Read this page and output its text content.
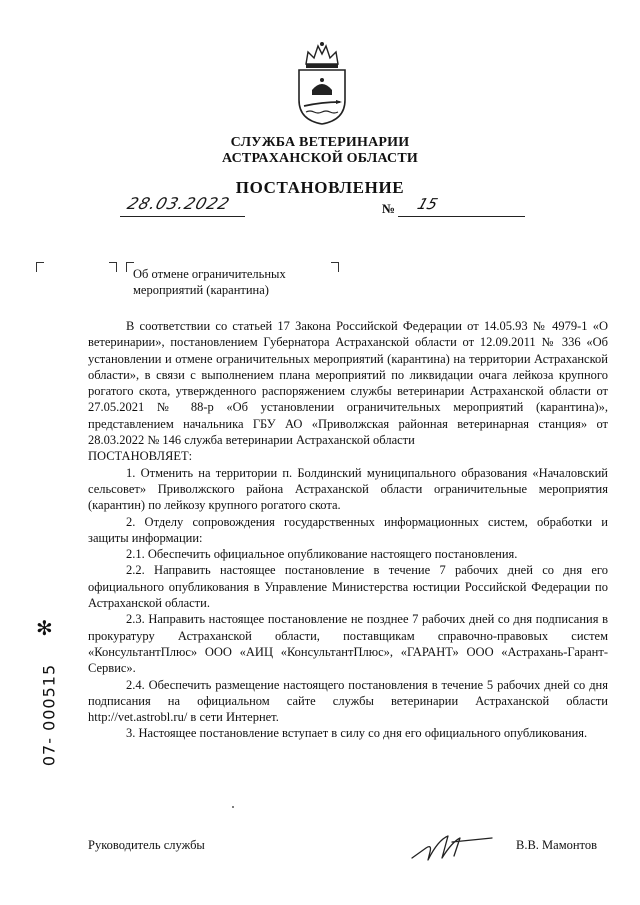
СЛУЖБА ВЕТЕРИНАРИИ
АСТРАХАНСКОЙ ОБЛАСТИ
ПОСТАНОВЛЕНИЕ
28.03.2022	№ 15
Об отмене ограничительных
мероприятий (карантина)

В соответствии со статьей 17 Закона Российской Федерации от 14.05.93 № 4979-1 «О ветеринарии», постановлением Губернатора Астраханской области от 12.09.2011 № 336 «Об установлении и отмене ограничительных мероприятий (карантина) на территории Астраханской области», в связи с выполнением плана мероприятий по ликвидации очага лейкоза крупного рогатого скота, утвержденного распоряжением службы ветеринарии Астраханской области от 27.05.2021 № 88-р «Об установлении ограничительных мероприятий (карантина)», представлением начальника ГБУ АО «Приволжская районная ветеринарная станция» от 28.03.2022 № 146 служба ветеринарии Астраханской области

ПОСТАНОВЛЯЕТ:

1. Отменить на территории п. Болдинский муниципального образования «Началовский сельсовет» Приволжского района Астраханской области ограничительные мероприятия (карантин) по лейкозу крупного рогатого скота.

2. Отделу сопровождения государственных информационных систем, обработки и защиты информации:

2.1. Обеспечить официальное опубликование настоящего постановления.

2.2. Направить настоящее постановление в течение 7 рабочих дней со дня его официального опубликования в Управление Министерства юстиции Российской Федерации по Астраханской области.

2.3. Направить настоящее постановление не позднее 7 рабочих дней со дня подписания в прокуратуру Астраханской области, поставщикам справочно-правовых систем «КонсультантПлюс» ООО «АИЦ «КонсультантПлюс», «ГАРАНТ» ООО «Астрахань-Гарант-Сервис».

2.4. Обеспечить размещение настоящего постановления в течение 5 рабочих дней со дня подписания на официальном сайте службы ветеринарии Астраханской области http://vet.astrobl.ru/ в сети Интернет.

3. Настоящее постановление вступает в силу со дня его официального опубликования.

✻
07- 000515
Руководитель службы	В.В. Мамонтов
